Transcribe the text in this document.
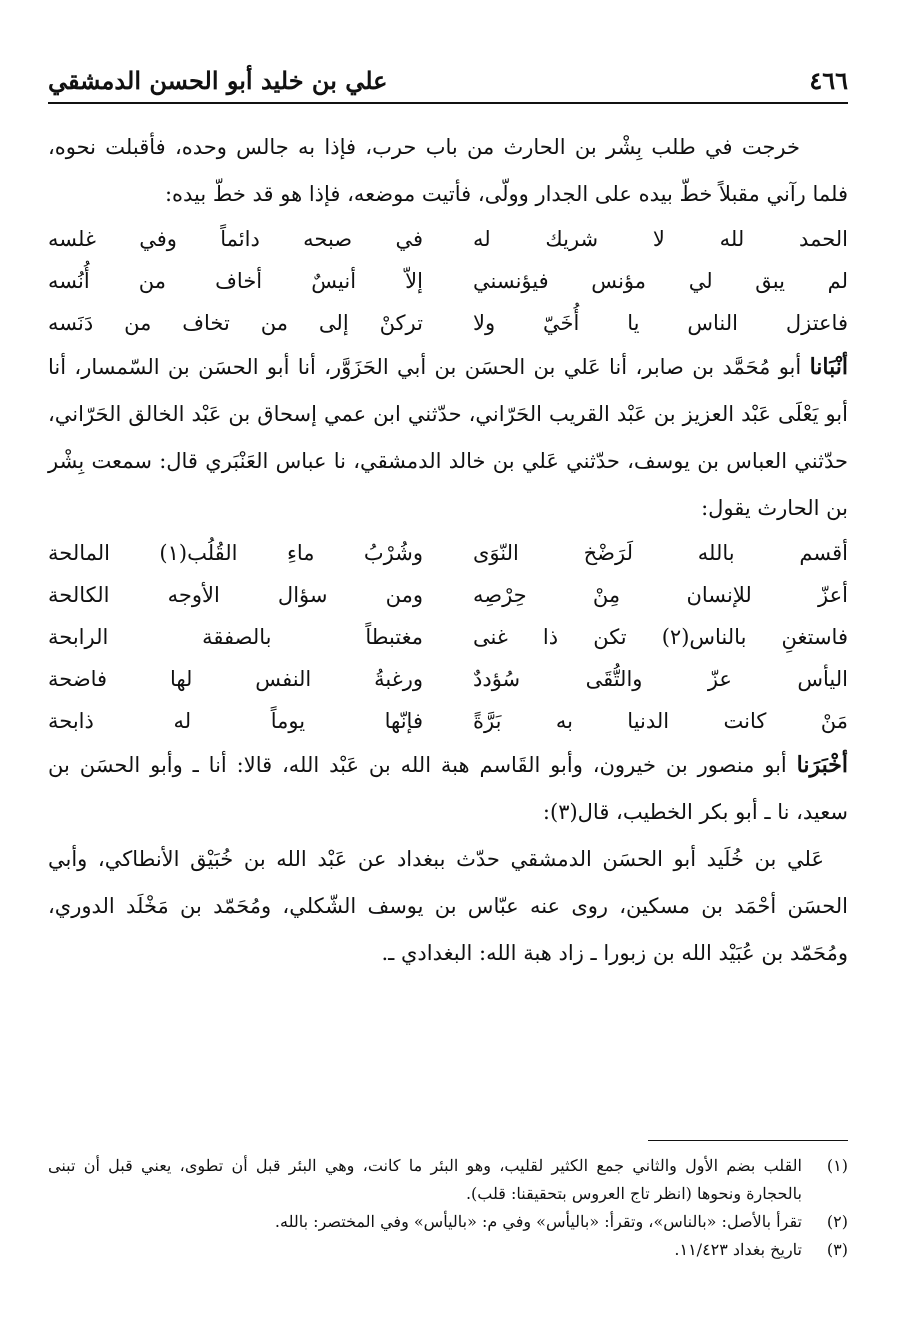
٤٦٦
علي بن خليد أبو الحسن الدمشقي

خرجت في طلب بِشْر بن الحارث من باب حرب، فإذا به جالس وحده، فأقبلت نحوه، فلما رآني مقبلاً خطّ بيده على الجدار وولّى، فأتيت موضعه، فإذا هو قد خطّ بيده:

الحمد لله لا شريك له
في صبحه دائماً وفي غلسه
لم يبق لي مؤنس فيؤنسني
إلاّ أنيسٌ أخاف من أُنُسه
فاعتزل الناس يا أُخَيّ ولا
تركنْ إلى من تخاف من دَنَسه

أنْبَانا أبو مُحَمَّد بن صابر، أنا عَلي بن الحسَن بن أبي الحَزَوَّر، أنا أبو الحسَن بن السّمسار، أنا أبو يَعْلَى عَبْد العزيز بن عَبْد القريب الحَرّاني، حدّثني ابن عمي إسحاق بن عَبْد الخالق الحَرّاني، حدّثني العباس بن يوسف، حدّثني عَلي بن خالد الدمشقي، نا عباس العَنْبَري قال: سمعت بِشْر بن الحارث يقول:

أقسم بالله لَرَضْخ النّوَى
وشُرْبُ ماءِ القُلُب(١) المالحة
أعزّ للإنسان مِنْ حِرْصِه
ومن سؤال الأوجه الكالحة
فاستغنِ بالناس(٢) تكن ذا غنى
مغتبطاً بالصفقة الرابحة
اليأس عزّ والتُّقَى سُؤددٌ
ورغبةُ النفس لها فاضحة
مَنْ كانت الدنيا به بَرَّةً
فإنّها يوماً له ذابحة

أخْبَرَنا أبو منصور بن خيرون، وأبو القَاسم هبة الله بن عَبْد الله، قالا: أنا ـ وأبو الحسَن بن سعيد، نا ـ أبو بكر الخطيب، قال(٣):

عَلي بن خُلَيد أبو الحسَن الدمشقي حدّث ببغداد عن عَبْد الله بن خُبَيْق الأنطاكي، وأبي الحسَن أحْمَد بن مسكين، روى عنه عبّاس بن يوسف الشّكلي، ومُحَمّد بن مَخْلَد الدوري، ومُحَمّد بن عُبَيْد الله بن زبورا ـ زاد هبة الله: البغدادي ـ.

(١)
القلب بضم الأول والثاني جمع الكثير لقليب، وهو البئر ما كانت، وهي البئر قبل أن تطوى، يعني قبل أن تبنى بالحجارة ونحوها (انظر تاج العروس بتحقيقنا: قلب).
(٢)
تقرأ بالأصل: «بالناس»، وتقرأ: «باليأس» وفي م: «باليأس» وفي المختصر: بالله.
(٣)
تاريخ بغداد ١١/٤٢٣.
